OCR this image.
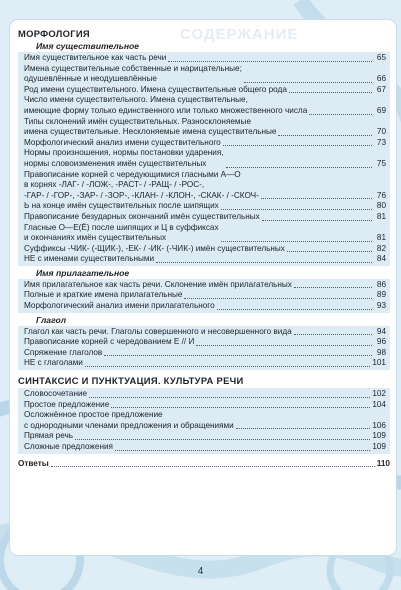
СОДЕРЖАНИЕ
МОРФОЛОГИЯ
Имя существительное
Имя существительное как часть речи	65
Имена существительные собственные и нарицательные;
одушевлённые и неодушевлённые	66
Род имени существительного. Имена существительные общего рода	67
Число имени существительного. Имена существительные,
имеющие форму только единственного или только множественного числа	69
Типы склонений имён существительных. Разносклоняемые
имена существительные. Несклоняемые имена существительные	70
Морфологический анализ имени существительного	73
Нормы произношения, нормы постановки ударения,
нормы словоизменения имён существительных	75
Правописание корней с чередующимися гласными А—О
в корнях -ЛАГ- / -ЛОЖ-, -РАСТ- / -РАЩ- / -РОС-,
-ГАР- / -ГОР-, -ЗАР- / -ЗОР-, -КЛАН- / -КЛОН-, -СКАК- / -СКОЧ-	76
Ь на конце имён существительных после шипящих	80
Правописание безударных окончаний имён существительных	81
Гласные О—Е(Ё) после шипящих и Ц в суффиксах
и окончаниях имён существительных	81
Суффиксы -ЧИК- (-ЩИК-), -ЕК- / -ИК- (-ЧИК-) имён существительных	82
НЕ с именами существительными	84
Имя прилагательное
Имя прилагательное как часть речи. Склонение имён прилагательных	86
Полные и краткие имена прилагательные	89
Морфологический анализ имени прилагательного	93
Глагол
Глагол как часть речи. Глаголы совершенного и несовершенного вида	94
Правописание корней с чередованием Е // И	96
Спряжение глаголов	98
НЕ с глаголами	101
СИНТАКСИС И ПУНКТУАЦИЯ. КУЛЬТУРА РЕЧИ
Словосочетание	102
Простое предложение	104
Осложнённое простое предложение
с однородными членами предложения и обращениями	106
Прямая речь	109
Сложные предложения	109
Ответы	110
4
